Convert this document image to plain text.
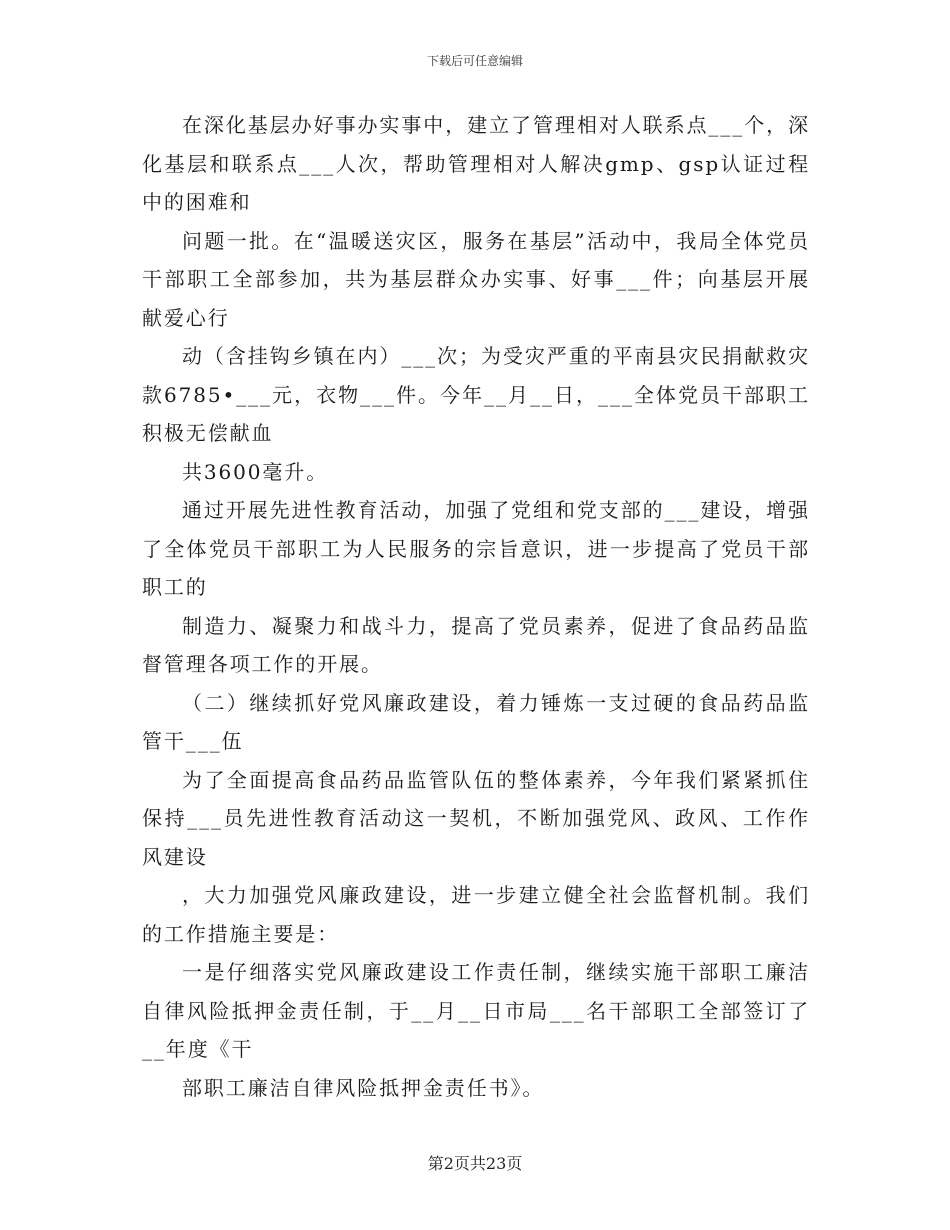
下载后可任意编辑

在深化基层办好事办实事中，建立了管理相对人联系点___个，深化基层和联系点___人次，帮助管理相对人解决gmp、gsp认证过程中的困难和

问题一批。在“温暖送灾区，服务在基层”活动中，我局全体党员干部职工全部参加，共为基层群众办实事、好事___件；向基层开展献爱心行

动（含挂钩乡镇在内）___次；为受灾严重的平南县灾民捐献救灾款6785•___元，衣物___件。今年__月__日，___全体党员干部职工积极无偿献血

共3600毫升。

通过开展先进性教育活动，加强了党组和党支部的___建设，增强了全体党员干部职工为人民服务的宗旨意识，进一步提高了党员干部职工的

制造力、凝聚力和战斗力，提高了党员素养，促进了食品药品监督管理各项工作的开展。

（二）继续抓好党风廉政建设，着力锤炼一支过硬的食品药品监管干___伍

为了全面提高食品药品监管队伍的整体素养，今年我们紧紧抓住保持___员先进性教育活动这一契机，不断加强党风、政风、工作作风建设

，大力加强党风廉政建设，进一步建立健全社会监督机制。我们的工作措施主要是：

一是仔细落实党风廉政建设工作责任制，继续实施干部职工廉洁自律风险抵押金责任制，于__月__日市局___名干部职工全部签订了__年度《干

部职工廉洁自律风险抵押金责任书》。

第2页共23页
